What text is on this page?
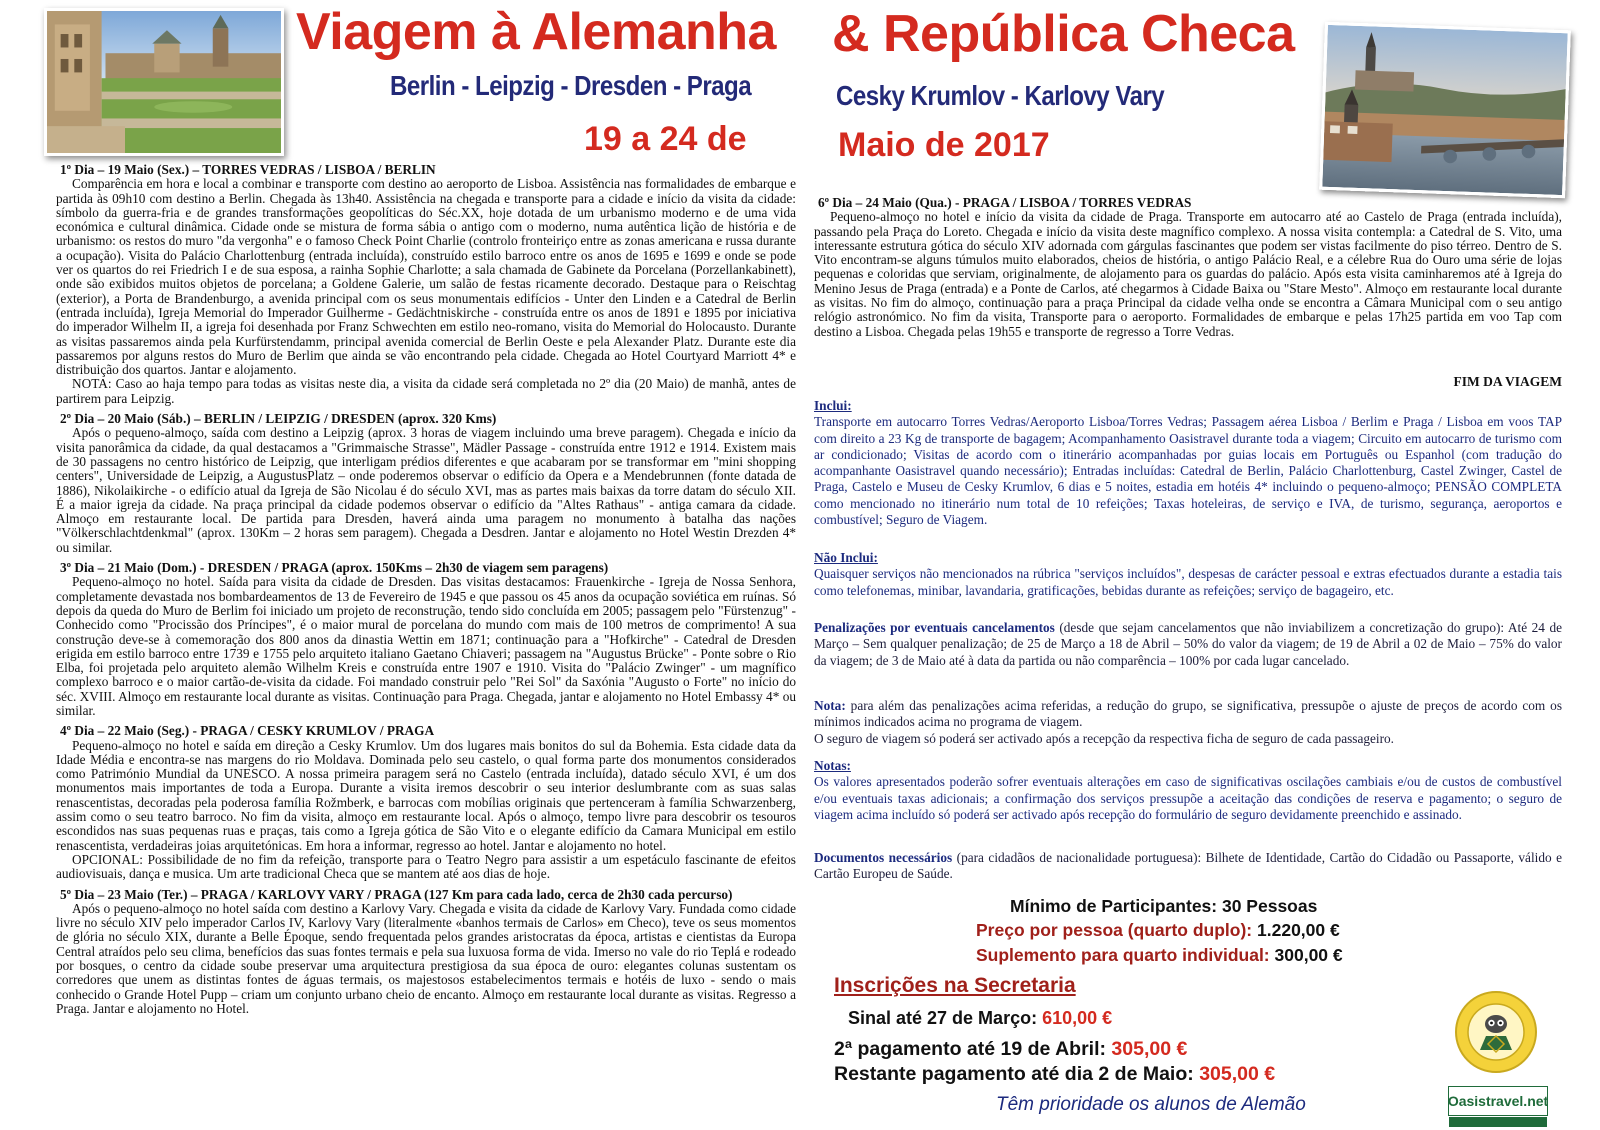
Viagem à Alemanha & República Checa
Berlin - Leipzig - Dresden - Praga	Cesky Krumlov - Karlovy Vary
19 a 24 de	Maio de 2017
1º Dia – 19 Maio (Sex.) – TORRES VEDRAS / LISBOA / BERLIN

Comparência em hora e local a combinar e transporte com destino ao aeroporto de Lisboa. Assistência nas formalidades de embarque e partida às 09h10 com destino a Berlin. Chegada às 13h40. Assistência na chegada e transporte para a cidade e início da visita da cidade: símbolo da guerra-fria e de grandes transformações geopolíticas do Séc.XX, hoje dotada de um urbanismo moderno e de uma vida económica e cultural dinâmica. Cidade onde se mistura de forma sábia o antigo com o moderno, numa autêntica lição de história e de urbanismo: os restos do muro "da vergonha" e o famoso Check Point Charlie (controlo fronteiriço entre as zonas americana e russa durante a ocupação). Visita do Palácio Charlottenburg (entrada incluída), construído estilo barroco entre os anos de 1695 e 1699 e onde se pode ver os quartos do rei Friedrich I e de sua esposa, a rainha Sophie Charlotte; a sala chamada de Gabinete da Porcelana (Porzellankabinett), onde são exibidos muitos objetos de porcelana; a Goldene Galerie, um salão de festas ricamente decorado. Destaque para o Reischtag (exterior), a Porta de Brandenburgo, a avenida principal com os seus monumentais edifícios - Unter den Linden e a Catedral de Berlin (entrada incluída), Igreja Memorial do Imperador Guilherme - Gedächtniskirche - construída entre os anos de 1891 e 1895 por iniciativa do imperador Wilhelm II, a igreja foi desenhada por Franz Schwechten em estilo neo-romano, visita do Memorial do Holocausto. Durante as visitas passaremos ainda pela Kurfürstendamm, principal avenida comercial de Berlin Oeste e pela Alexander Platz. Durante este dia passaremos por alguns restos do Muro de Berlim que ainda se vão encontrando pela cidade. Chegada ao Hotel Courtyard Marriott 4* e distribuição dos quartos. Jantar e alojamento.

NOTA: Caso ao haja tempo para todas as visitas neste dia, a visita da cidade será completada no 2º dia (20 Maio) de manhã, antes de partirem para Leipzig.

2º Dia – 20 Maio (Sáb.) – BERLIN / LEIPZIG / DRESDEN (aprox. 320 Kms)

Após o pequeno-almoço, saída com destino a Leipzig (aprox. 3 horas de viagem incluindo uma breve paragem). Chegada e início da visita panorâmica da cidade, da qual destacamos a "Grimmaische Strasse", Mädler Passage - construída entre 1912 e 1914. Existem mais de 30 passagens no centro histórico de Leipzig, que interligam prédios diferentes e que acabaram por se transformar em "mini shopping centers", Universidade de Leipzig, a AugustusPlatz – onde poderemos observar o edifício da Opera e a Mendebrunnen (fonte datada de 1886), Nikolaikirche - o edifício atual da Igreja de São Nicolau é do século XVI, mas as partes mais baixas da torre datam do século XII. É a maior igreja da cidade. Na praça principal da cidade podemos observar o edifício da "Altes Rathaus" - antiga camara da cidade. Almoço em restaurante local. De partida para Dresden, haverá ainda uma paragem no monumento à batalha das nações "Völkerschlachtdenkmal" (aprox. 130Km – 2 horas sem paragem). Chegada a Desdren. Jantar e alojamento no Hotel Westin Drezden 4* ou similar.

3º Dia – 21 Maio (Dom.) - DRESDEN / PRAGA (aprox. 150Kms – 2h30 de viagem sem paragens)

Pequeno-almoço no hotel. Saída para visita da cidade de Dresden. Das visitas destacamos: Frauenkirche - Igreja de Nossa Senhora, completamente devastada nos bombardeamentos de 13 de Fevereiro de 1945 e que passou os 45 anos da ocupação soviética em ruínas. Só depois da queda do Muro de Berlim foi iniciado um projeto de reconstrução, tendo sido concluída em 2005; passagem pelo "Fürstenzug" - Conhecido como "Procissão dos Príncipes", é o maior mural de porcelana do mundo com mais de 100 metros de comprimento! A sua construção deve-se à comemoração dos 800 anos da dinastia Wettin em 1871; continuação para a "Hofkirche" - Catedral de Dresden erigida em estilo barroco entre 1739 e 1755 pelo arquiteto italiano Gaetano Chiaveri; passagem na "Augustus Brücke" - Ponte sobre o Rio Elba, foi projetada pelo arquiteto alemão Wilhelm Kreis e construída entre 1907 e 1910. Visita do "Palácio Zwinger" - um magnífico complexo barroco e o maior cartão-de-visita da cidade. Foi mandado construir pelo "Rei Sol" da Saxónia "Augusto o Forte" no início do séc. XVIII. Almoço em restaurante local durante as visitas. Continuação para Praga. Chegada, jantar e alojamento no Hotel Embassy 4* ou similar.

4º Dia – 22 Maio (Seg.) - PRAGA / CESKY KRUMLOV / PRAGA

Pequeno-almoço no hotel e saída em direção a Cesky Krumlov. Um dos lugares mais bonitos do sul da Bohemia. Esta cidade data da Idade Média e encontra-se nas margens do rio Moldava. Dominada pelo seu castelo, o qual forma parte dos monumentos considerados como Património Mundial da UNESCO. A nossa primeira paragem será no Castelo (entrada incluída), datado século XVI, é um dos monumentos mais importantes de toda a Europa. Durante a visita iremos descobrir o seu interior deslumbrante com as suas salas renascentistas, decoradas pela poderosa família Rožmberk, e barrocas com mobílias originais que pertenceram à família Schwarzenberg, assim como o seu teatro barroco. No fim da visita, almoço em restaurante local. Após o almoço, tempo livre para descobrir os tesouros escondidos nas suas pequenas ruas e praças, tais como a Igreja gótica de São Vito e o elegante edifício da Camara Municipal em estilo renascentista, verdadeiras joias arquitetónicas. Em hora a informar, regresso ao hotel. Jantar e alojamento no hotel.

OPCIONAL: Possibilidade de no fim da refeição, transporte para o Teatro Negro para assistir a um espetáculo fascinante de efeitos audiovisuais, dança e musica. Um arte tradicional Checa que se mantem até aos dias de hoje.

5º Dia – 23 Maio (Ter.) – PRAGA / KARLOVY VARY / PRAGA (127 Km para cada lado, cerca de 2h30 cada percurso)

Após o pequeno-almoço no hotel saída com destino a Karlovy Vary. Chegada e visita da cidade de Karlovy Vary. Fundada como cidade livre no século XIV pelo imperador Carlos IV, Karlovy Vary (literalmente «banhos termais de Carlos» em Checo), teve os seus momentos de glória no século XIX, durante a Belle Époque, sendo frequentada pelos grandes aristocratas da época, artistas e cientistas da Europa Central atraídos pelo seu clima, benefícios das suas fontes termais e pela sua luxuosa forma de vida. Imerso no vale do rio Teplá e rodeado por bosques, o centro da cidade soube preservar uma arquitectura prestigiosa da sua época de ouro: elegantes colunas sustentam os corredores que unem as distintas fontes de águas termais, os majestosos estabelecimentos termais e hotéis de luxo - sendo o mais conhecido o Grande Hotel Pupp – criam um conjunto urbano cheio de encanto. Almoço em restaurante local durante as visitas. Regresso a Praga. Jantar e alojamento no Hotel.

6º Dia – 24 Maio (Qua.) - PRAGA / LISBOA / TORRES VEDRAS

Pequeno-almoço no hotel e início da visita da cidade de Praga. Transporte em autocarro até ao Castelo de Praga (entrada incluída), passando pela Praça do Loreto. Chegada e início da visita deste magnífico complexo. A nossa visita contempla: a Catedral de S. Vito, uma interessante estrutura gótica do século XIV adornada com gárgulas fascinantes que podem ser vistas facilmente do piso térreo. Dentro de S. Vito encontram-se alguns túmulos muito elaborados, cheios de história, o antigo Palácio Real, e a célebre Rua do Ouro uma série de lojas pequenas e coloridas que serviam, originalmente, de alojamento para os guardas do palácio. Após esta visita caminharemos até à Igreja do Menino Jesus de Praga (entrada) e a Ponte de Carlos, até chegarmos à Cidade Baixa ou "Stare Mesto". Almoço em restaurante local durante as visitas. No fim do almoço, continuação para a praça Principal da cidade velha onde se encontra a Câmara Municipal com o seu antigo relógio astronómico. No fim da visita, Transporte para o aeroporto. Formalidades de embarque e pelas 17h25 partida em voo Tap com destino a Lisboa. Chegada pelas 19h55 e transporte de regresso a Torre Vedras.

FIM DA VIAGEM
Inclui:
Transporte em autocarro Torres Vedras/Aeroporto Lisboa/Torres Vedras; Passagem aérea Lisboa / Berlim e Praga / Lisboa em voos TAP com direito a 23 Kg de transporte de bagagem; Acompanhamento Oasistravel durante toda a viagem; Circuito em autocarro de turismo com ar condicionado; Visitas de acordo com o itinerário acompanhadas por guias locais em Português ou Espanhol (com tradução do acompanhante Oasistravel quando necessário); Entradas incluídas: Catedral de Berlin, Palácio Charlottenburg, Castel Zwinger, Castel de Praga, Castelo e Museu de Cesky Krumlov, 6 dias e 5 noites, estadia em hotéis 4* incluindo o pequeno-almoço; PENSÃO COMPLETA como mencionado no itinerário num total de 10 refeições; Taxas hoteleiras, de serviço e IVA, de turismo, segurança, aeroportos e combustível; Seguro de Viagem.
Não Inclui:
Quaisquer serviços não mencionados na rúbrica "serviços incluídos", despesas de carácter pessoal e extras efectuados durante a estadia tais como telefonemas, minibar, lavandaria, gratificações, bebidas durante as refeições; serviço de bagageiro, etc.
Penalizações por eventuais cancelamentos (desde que sejam cancelamentos que não inviabilizem a concretização do grupo): Até 24 de Março – Sem qualquer penalização; de 25 de Março a 18 de Abril – 50% do valor da viagem; de 19 de Abril a 02 de Maio – 75% do valor da viagem; de 3 de Maio até à data da partida ou não comparência – 100% por cada lugar cancelado.
Nota: para além das penalizações acima referidas, a redução do grupo, se significativa, pressupõe o ajuste de preços de acordo com os mínimos indicados acima no programa de viagem.
O seguro de viagem só poderá ser activado após a recepção da respectiva ficha de seguro de cada passageiro.
Notas:
Os valores apresentados poderão sofrer eventuais alterações em caso de significativas oscilações cambiais e/ou de custos de combustível e/ou eventuais taxas adicionais; a confirmação dos serviços pressupõe a aceitação das condições de reserva e pagamento; o seguro de viagem acima incluído só poderá ser activado após recepção do formulário de seguro devidamente preenchido e assinado.
Documentos necessários (para cidadãos de nacionalidade portuguesa): Bilhete de Identidade, Cartão do Cidadão ou Passaporte, válido e Cartão Europeu de Saúde.
Mínimo de Participantes: 30 Pessoas
Preço por pessoa (quarto duplo): 1.220,00 €
Suplemento para quarto individual: 300,00 €
Inscrições na Secretaria
Sinal até 27 de Março: 610,00 €
2ª pagamento até 19 de Abril: 305,00 €
Restante pagamento até dia 2 de Maio: 305,00 €
Têm prioridade os alunos de Alemão	Oasistravel.net
